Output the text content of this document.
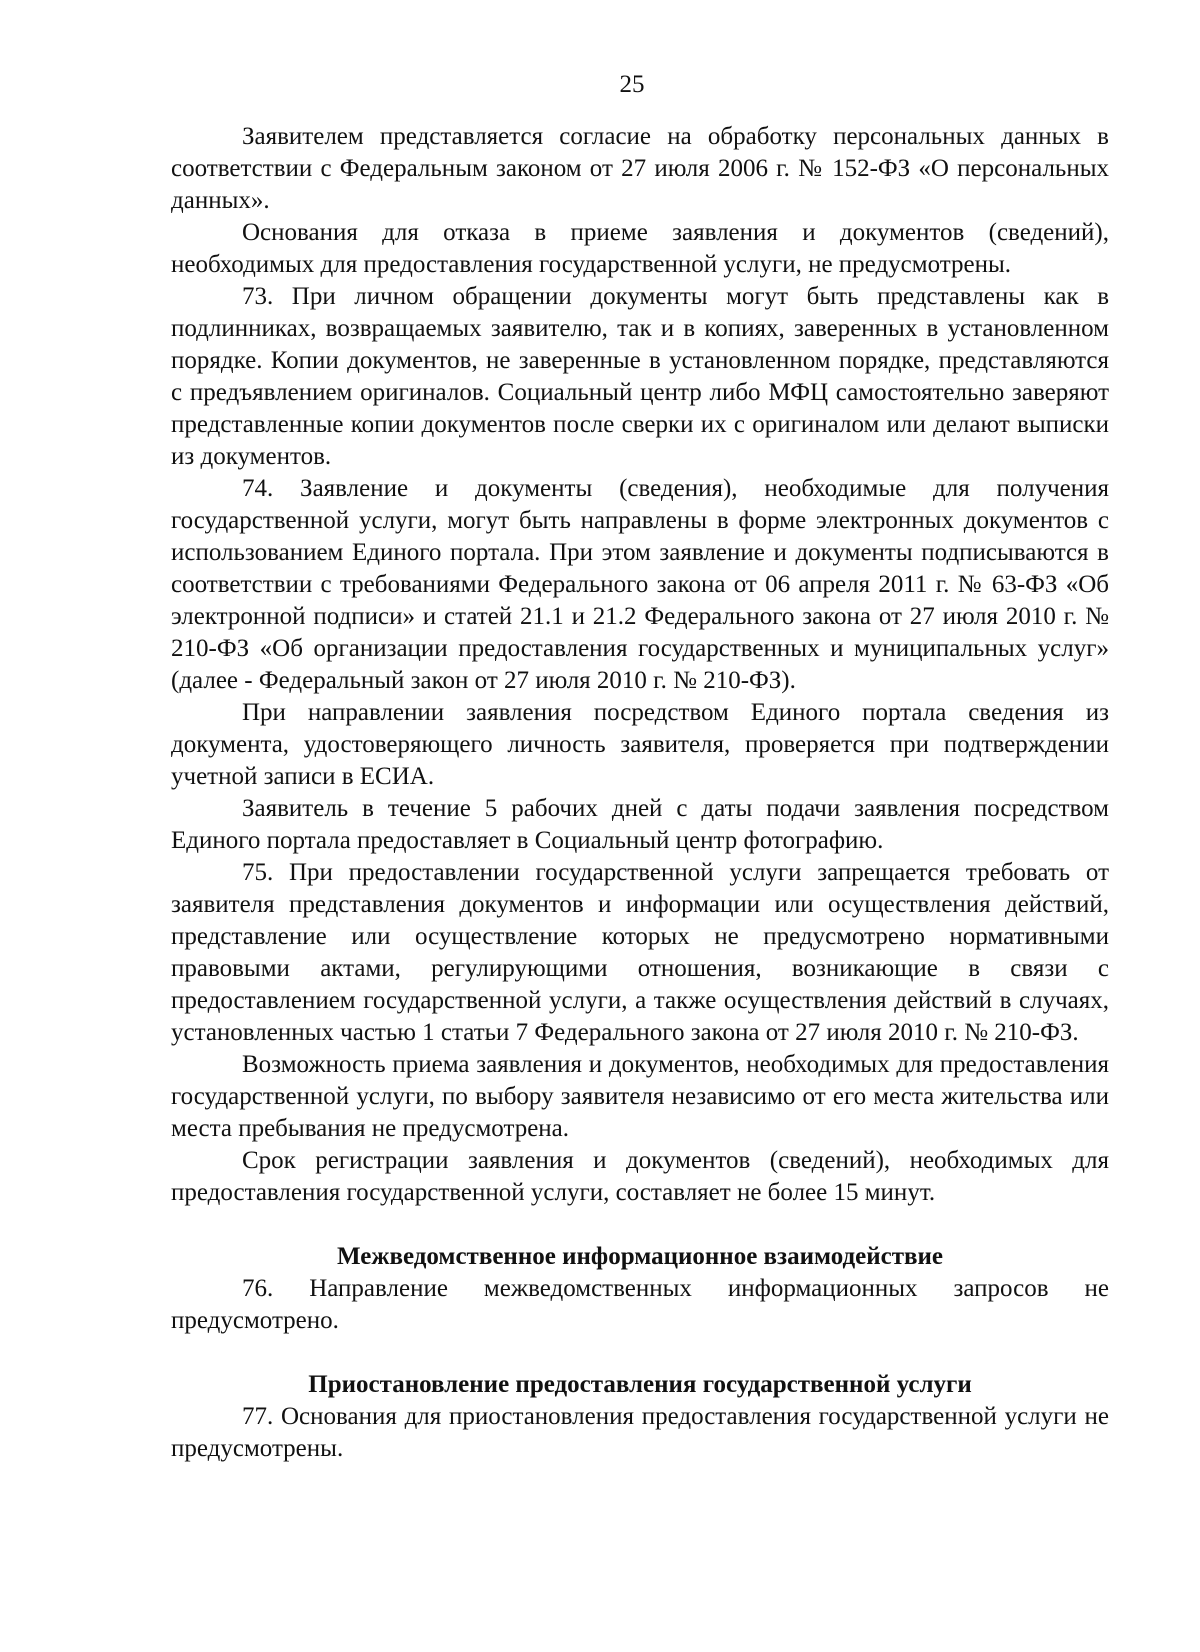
25

Заявителем представляется согласие на обработку персональных данных в соответствии с Федеральным законом от 27 июля 2006 г. № 152-ФЗ «О персональных данных».

Основания для отказа в приеме заявления и документов (сведений), необходимых для предоставления государственной услуги, не предусмотрены.

73. При личном обращении документы могут быть представлены как в подлинниках, возвращаемых заявителю, так и в копиях, заверенных в установленном порядке. Копии документов, не заверенные в установленном порядке, представляются с предъявлением оригиналов. Социальный центр либо МФЦ самостоятельно заверяют представленные копии документов после сверки их с оригиналом или делают выписки из документов.

74. Заявление и документы (сведения), необходимые для получения государственной услуги, могут быть направлены в форме электронных документов с использованием Единого портала. При этом заявление и документы подписываются в соответствии с требованиями Федерального закона от 06 апреля 2011 г. № 63-ФЗ «Об электронной подписи» и статей 21.1 и 21.2 Федерального закона от 27 июля 2010 г. № 210-ФЗ «Об организации предоставления государственных и муниципальных услуг» (далее - Федеральный закон от 27 июля 2010 г. № 210-ФЗ).

При направлении заявления посредством Единого портала сведения из документа, удостоверяющего личность заявителя, проверяется при подтверждении учетной записи в ЕСИА.

Заявитель в течение 5 рабочих дней с даты подачи заявления посредством Единого портала предоставляет в Социальный центр фотографию.

75. При предоставлении государственной услуги запрещается требовать от заявителя представления документов и информации или осуществления действий, представление или осуществление которых не предусмотрено нормативными правовыми актами, регулирующими отношения, возникающие в связи с предоставлением государственной услуги, а также осуществления действий в случаях, установленных частью 1 статьи 7 Федерального закона от 27 июля 2010 г. № 210-ФЗ.

Возможность приема заявления и документов, необходимых для предоставления государственной услуги, по выбору заявителя независимо от его места жительства или места пребывания не предусмотрена.

Срок регистрации заявления и документов (сведений), необходимых для предоставления государственной услуги, составляет не более 15 минут.

Межведомственное информационное взаимодействие

76. Направление межведомственных информационных запросов не предусмотрено.

Приостановление предоставления государственной услуги

77. Основания для приостановления предоставления государственной услуги не предусмотрены.
